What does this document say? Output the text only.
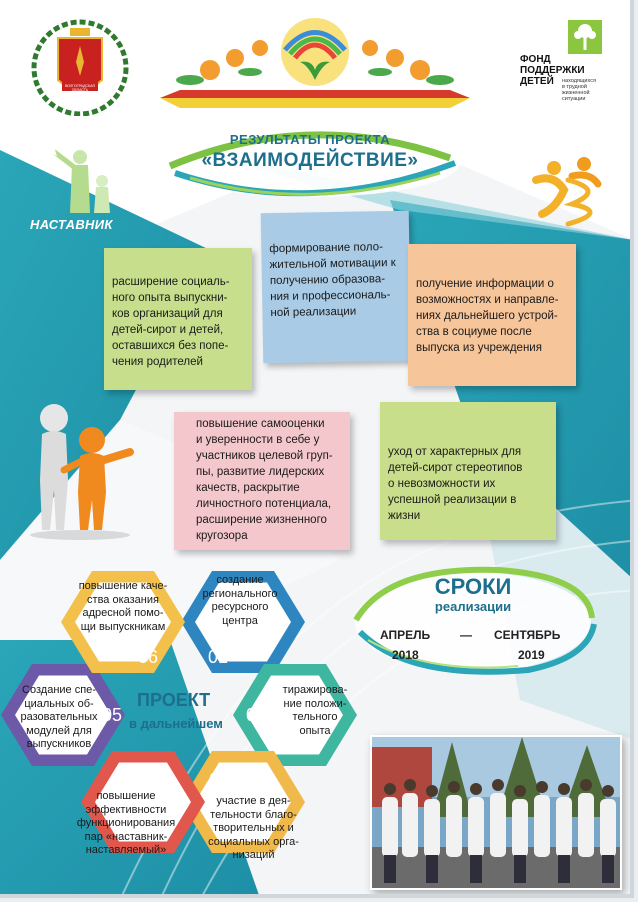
ВОЛГОГРАДСКАЯ ОБЛАСТЬ
ФОНД
ПОДДЕРЖКИ
ДЕТЕЙ	находящихся
в трудной
жизненной
ситуации
РЕЗУЛЬТАТЫ ПРОЕКТА
«ВЗАИМОДЕЙСТВИЕ»
НАСТАВНИК
расширение социаль-
ного опыта выпускни-
ков организаций для
детей-сирот и детей,
оставшихся без попе-
чения родителей
формирование поло-
жительной мотивации к
получению образова-
ния и профессиональ-
ной реализации
получение информации о
возможностях и направле-
ниях дальнейшего устрой-
ства в социуме после
выпуска из учреждения
повышение самооценки
и уверенности в себе у
участников целевой груп-
пы, развитие лидерских
качеств, раскрытие
личностного потенциала,
расширение жизненного
кругозора
уход от характерных для
детей-сирот стереотипов
о невозможности их
успешной реализации в
жизни
СРОКИ
реализации
АПРЕЛЬ — СЕНТЯБРЬ
2018	2019
ПРОЕКТ
в дальнейшем
создание
регионального
ресурсного
центра
01
тиражирова-
ние положи-
тельного
опыта
02
участие в дея-
тельности благо-
творительных и
социальных орга-
низаций
03
повышение
эффективности
функционирования
пар «наставник-
наставляемый»
04
Создание спе-
циальных об-
разовательных
модулей для
выпускников
05
повышение каче-
ства оказания
адресной помо-
щи выпускникам
06
